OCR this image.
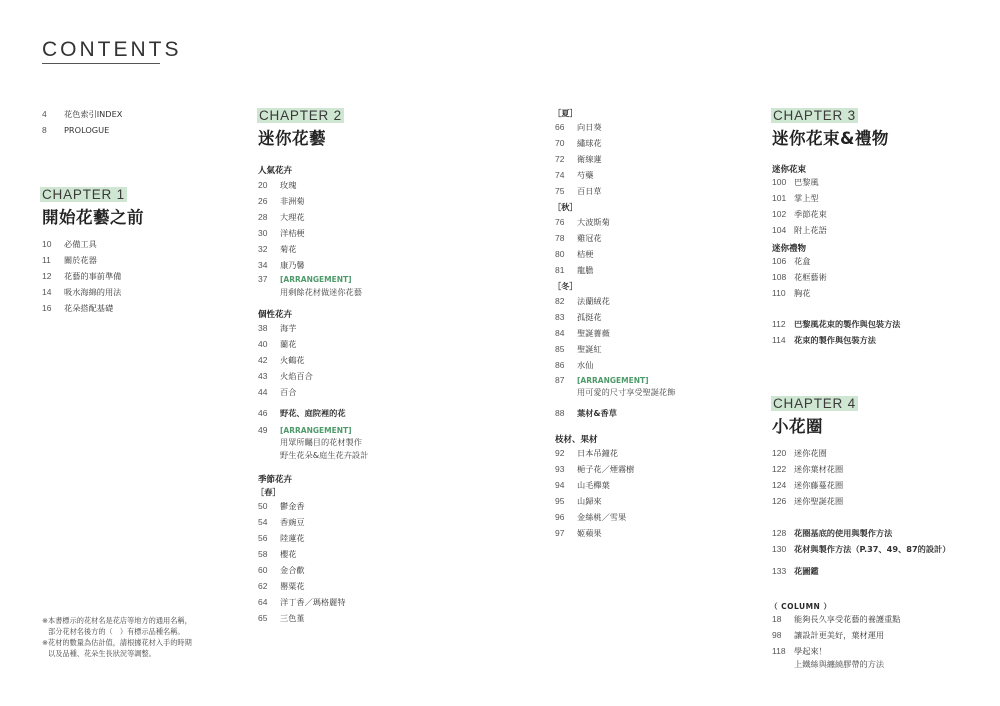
CONTENTS
4 花色索引INDEX
8 PROLOGUE
CHAPTER 1
開始花藝之前
10 必備工具
11 關於花器
12 花藝的事前準備
14 吸水海綿的用法
16 花朵搭配基礎
※本書標示的花材名是花店等地方的通用名稱，
部分花材名後方的（　）有標示品種名稱。
※花材的數量為估計值，請根據花材入手的時期
以及品種、花朵生長狀況等調整。
CHAPTER 2
迷你花藝
人氣花卉
20 玫瑰
26 非洲菊
28 大理花
30 洋桔梗
32 菊花
34 康乃馨
37 [ARRANGEMENT]
用剩餘花材做迷你花藝
個性花卉
38 海芋
40 蘭花
42 火鶴花
43 火焰百合
44 百合
46 野花、庭院裡的花
49 [ARRANGEMENT]
用眾所矚目的花材製作
野生花朵&庭生花卉設計
季節花卉
［春］
50 鬱金香
54 香豌豆
56 陸蓮花
58 櫻花
60 金合歡
62 罌粟花
64 洋丁香／瑪格麗特
65 三色堇
［夏］
66 向日葵
70 繡球花
72 衛線蓮
74 芍藥
75 百日草
［秋］
76 大波斯菊
78 雞冠花
80 桔梗
81 龍膽
［冬］
82 法蘭絨花
83 孤挺花
84 聖誕薔薇
85 聖誕紅
86 水仙
87 [ARRANGEMENT]
用可愛的尺寸享受聖誕花飾
88 葉材&香草
枝材、果材
92 日本吊鐘花
93 梔子花／煙霧樹
94 山毛櫸葉
95 山歸來
96 金絲桃／雪果
97 姬蘋果
CHAPTER 3
迷你花束&禮物
迷你花束
100 巴黎風
101 掌上型
102 季節花束
104 附上花語
迷你禮物
106 花盒
108 花框藝術
110 胸花
112 巴黎風花束的製作與包裝方法
114 花束的製作與包裝方法
CHAPTER 4
小花圈
120 迷你花圈
122 迷你葉材花圈
124 迷你藤蔓花圈
126 迷你聖誕花圈
128 花圈基底的使用與製作方法
130 花材與製作方法（P.37、49、87的設計）
133 花圖鑑
（ COLUMN ）
18 能夠長久享受花藝的養護重點
98 讓設計更美好，葉材運用
118 學起來！
上鐵絲與纏繞膠帶的方法
